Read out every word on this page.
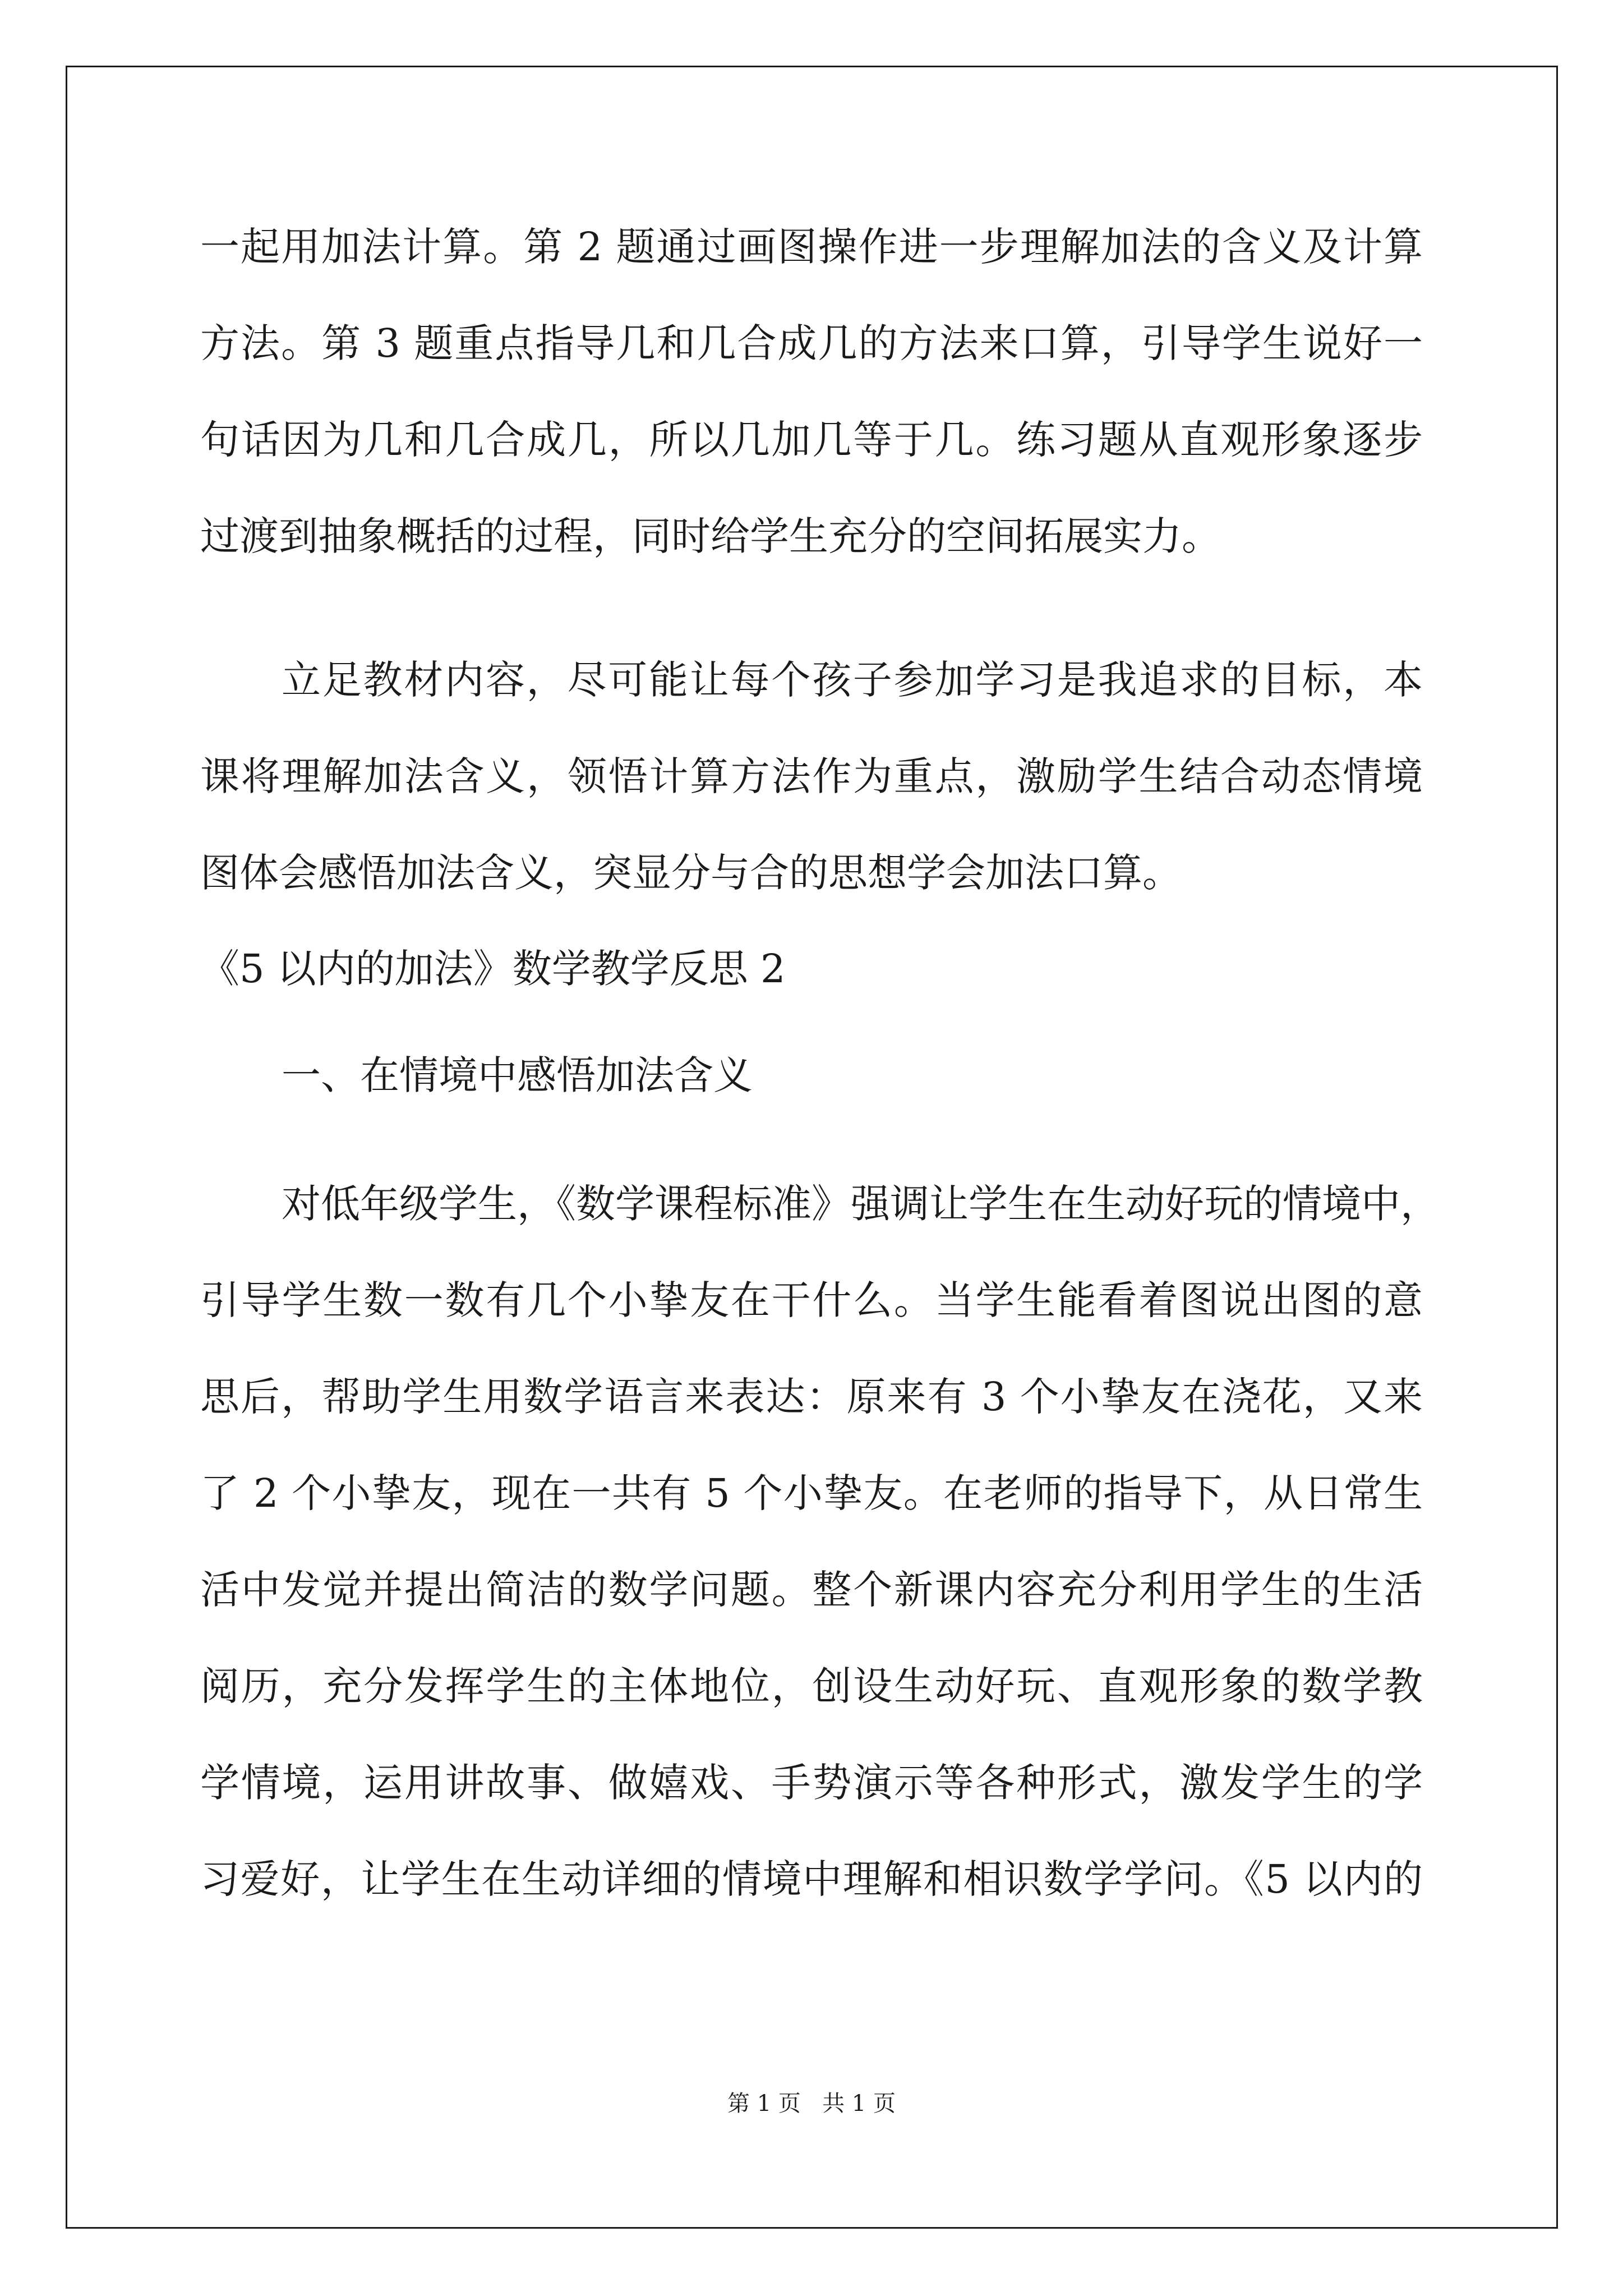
一起用加法计算。第 2 题通过画图操作进一步理解加法的含义及计算
方法。第 3 题重点指导几和几合成几的方法来口算，引导学生说好一
句话因为几和几合成几，所以几加几等于几。练习题从直观形象逐步
过渡到抽象概括的过程，同时给学生充分的空间拓展实力。
立足教材内容，尽可能让每个孩子参加学习是我追求的目标，本
课将理解加法含义，领悟计算方法作为重点，激励学生结合动态情境
图体会感悟加法含义，突显分与合的思想学会加法口算。
《5 以内的加法》数学教学反思 2
一、在情境中感悟加法含义
对低年级学生，《数学课程标准》强调让学生在生动好玩的情境中，
引导学生数一数有几个小挚友在干什么。当学生能看着图说出图的意
思后，帮助学生用数学语言来表达：原来有 3 个小挚友在浇花，又来
了 2 个小挚友，现在一共有 5 个小挚友。在老师的指导下，从日常生
活中发觉并提出简洁的数学问题。整个新课内容充分利用学生的生活
阅历，充分发挥学生的主体地位，创设生动好玩、直观形象的数学教
学情境，运用讲故事、做嬉戏、手势演示等各种形式，激发学生的学
习爱好，让学生在生动详细的情境中理解和相识数学学问。《5 以内的
第 1 页   共 1 页
